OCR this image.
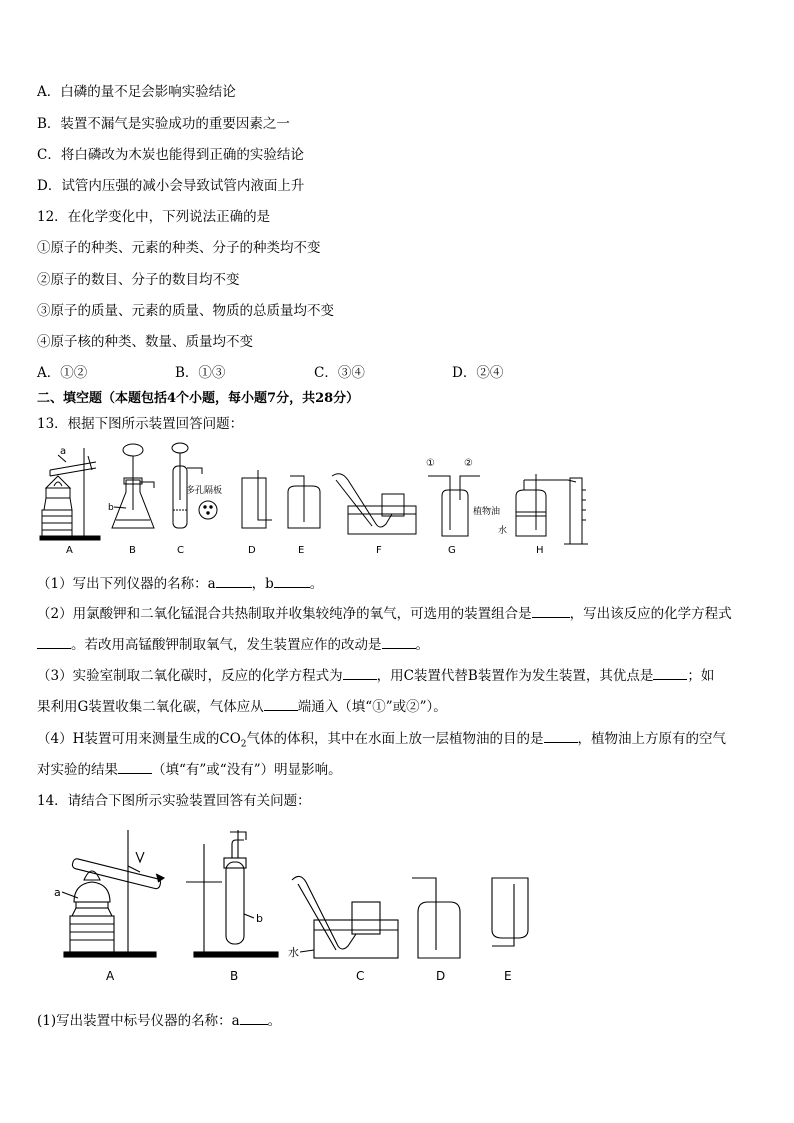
A．白磷的量不足会影响实验结论
B．装置不漏气是实验成功的重要因素之一
C．将白磷改为木炭也能得到正确的实验结论
D．试管内压强的减小会导致试管内液面上升
12．在化学变化中，下列说法正确的是
①原子的种类、元素的种类、分子的种类均不变
②原子的数目、分子的数目均不变
③原子的质量、元素的质量、物质的总质量均不变
④原子核的种类、数量、质量均不变
A．①②	B．①③	C．③④	D．②④
二、填空题（本题包括4个小题，每小题7分，共28分）
13．根据下图所示装置回答问题：
a
A
b
B
多孔隔板
C	D	E	F
①	②
G
植物油
水
H
（1）写出下列仪器的名称：a	，b	。
（2）用氯酸钾和二氧化锰混合共热制取并收集较纯净的氧气，可选用的装置组合是	，写出该反应的化学方程式
。若改用高锰酸钾制取氧气，发生装置应作的改动是	。
（3）实验室制取二氧化碳时，反应的化学方程式为	，用C装置代替B装置作为发生装置，其优点是	；如
果利用G装置收集二氧化碳，气体应从	端通入（填“①”或②”）。
（4）H装置可用来测量生成的$CO_2$气体的体积，其中在水面上放一层植物油的目的是	，植物油上方原有的空气
对实验的结果	（填“有”或“没有”）明显影响。
14．请结合下图所示实验装置回答有关问题：
a
A
b
B
水
C	D	E
(1)写出装置中标号仪器的名称：a 。
